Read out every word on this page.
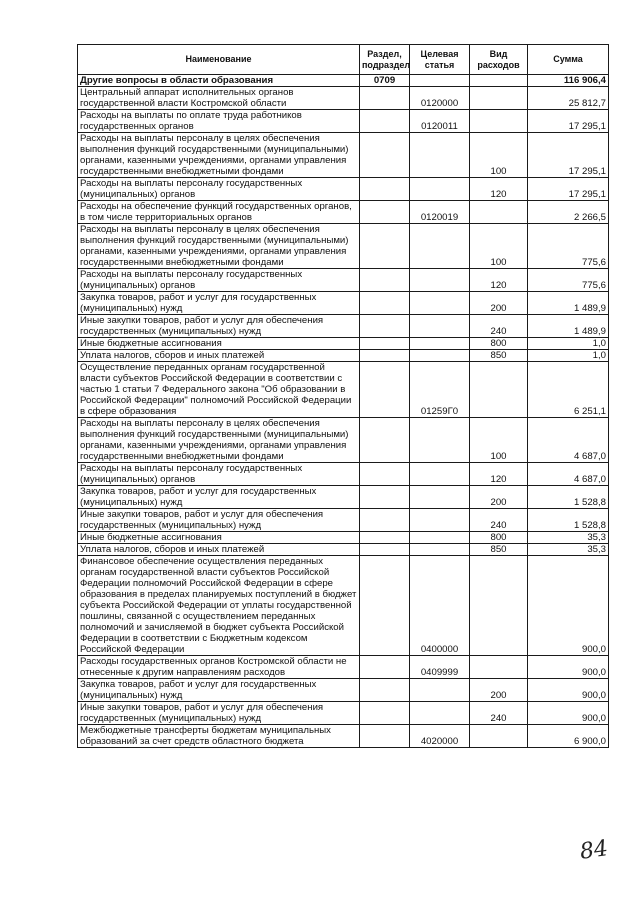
Наименование	Раздел, подраздел	Целевая статья	Вид расходов	Сумма
Другие вопросы в области образования	0709			116 906,4
Центральный аппарат исполнительных органов государственной власти Костромской области		0120000		25 812,7
Расходы на выплаты по оплате труда работников государственных органов		0120011		17 295,1
Расходы на выплаты персоналу в целях обеспечения выполнения функций государственными (муниципальными) органами, казенными учреждениями, органами управления государственными внебюджетными фондами			100	17 295,1
Расходы на выплаты персоналу государственных (муниципальных) органов			120	17 295,1
Расходы на обеспечение функций государственных органов, в том числе территориальных органов		0120019		2 266,5
Расходы на выплаты персоналу в целях обеспечения выполнения функций государственными (муниципальными) органами, казенными учреждениями, органами управления государственными внебюджетными фондами			100	775,6
Расходы на выплаты персоналу государственных (муниципальных) органов			120	775,6
Закупка товаров, работ и услуг для государственных (муниципальных) нужд			200	1 489,9
Иные закупки товаров, работ и услуг для обеспечения государственных (муниципальных) нужд			240	1 489,9
Иные бюджетные ассигнования			800	1,0
Уплата налогов, сборов и иных платежей			850	1,0
Осуществление переданных органам государственной власти субъектов Российской Федерации в соответствии с частью 1 статьи 7 Федерального закона "Об образовании в Российской Федерации" полномочий Российской Федерации в сфере образования		01259Г0		6 251,1
Расходы на выплаты персоналу в целях обеспечения выполнения функций государственными (муниципальными) органами, казенными учреждениями, органами управления государственными внебюджетными фондами			100	4 687,0
Расходы на выплаты персоналу государственных (муниципальных) органов			120	4 687,0
Закупка товаров, работ и услуг для государственных (муниципальных) нужд			200	1 528,8
Иные закупки товаров, работ и услуг для обеспечения государственных (муниципальных) нужд			240	1 528,8
Иные бюджетные ассигнования			800	35,3
Уплата налогов, сборов и иных платежей			850	35,3
Финансовое обеспечение осуществления переданных органам государственной власти субъектов Российской Федерации полномочий Российской Федерации в сфере образования в пределах планируемых поступлений в бюджет субъекта Российской Федерации от уплаты государственной пошлины, связанной с осуществлением переданных полномочий и зачисляемой в бюджет субъекта Российской Федерации в соответствии с Бюджетным кодексом Российской Федерации		0400000		900,0
Расходы государственных органов Костромской области не отнесенные к другим направлениям расходов		0409999		900,0
Закупка товаров, работ и услуг для государственных (муниципальных) нужд			200	900,0
Иные закупки товаров, работ и услуг для обеспечения государственных (муниципальных) нужд			240	900,0
Межбюджетные трансферты бюджетам муниципальных образований за счет средств областного бюджета		4020000		6 900,0
84
